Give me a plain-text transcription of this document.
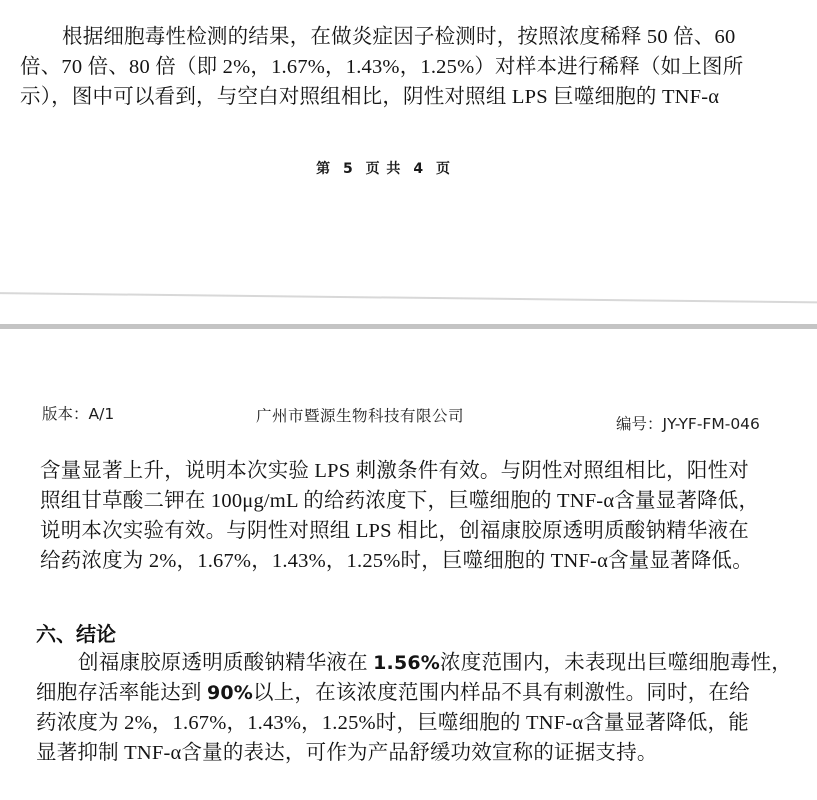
根据细胞毒性检测的结果，在做炎症因子检测时，按照浓度稀释 50 倍、60
倍、70 倍、80 倍（即 2%，1.67%，1.43%，1.25%）对样本进行稀释（如上图所
示），图中可以看到，与空白对照组相比，阴性对照组 LPS 巨噬细胞的 TNF-α

第 5 页 共 4 页
版本：A/1	广州市暨源生物科技有限公司	编号：JY-YF-FM-046

含量显著上升，说明本次实验 LPS 刺激条件有效。与阴性对照组相比，阳性对
照组甘草酸二钾在 100μg/mL 的给药浓度下，巨噬细胞的 TNF-α含量显著降低，
说明本次实验有效。与阴性对照组 LPS 相比，创福康胶原透明质酸钠精华液在
给药浓度为 2%，1.67%，1.43%，1.25%时，巨噬细胞的 TNF-α含量显著降低。

六、结论

创福康胶原透明质酸钠精华液在 1.56%浓度范围内，未表现出巨噬细胞毒性，
细胞存活率能达到 90%以上，在该浓度范围内样品不具有刺激性。同时，在给
药浓度为 2%，1.67%，1.43%，1.25%时，巨噬细胞的 TNF-α含量显著降低，能
显著抑制 TNF-α含量的表达，可作为产品舒缓功效宣称的证据支持。
